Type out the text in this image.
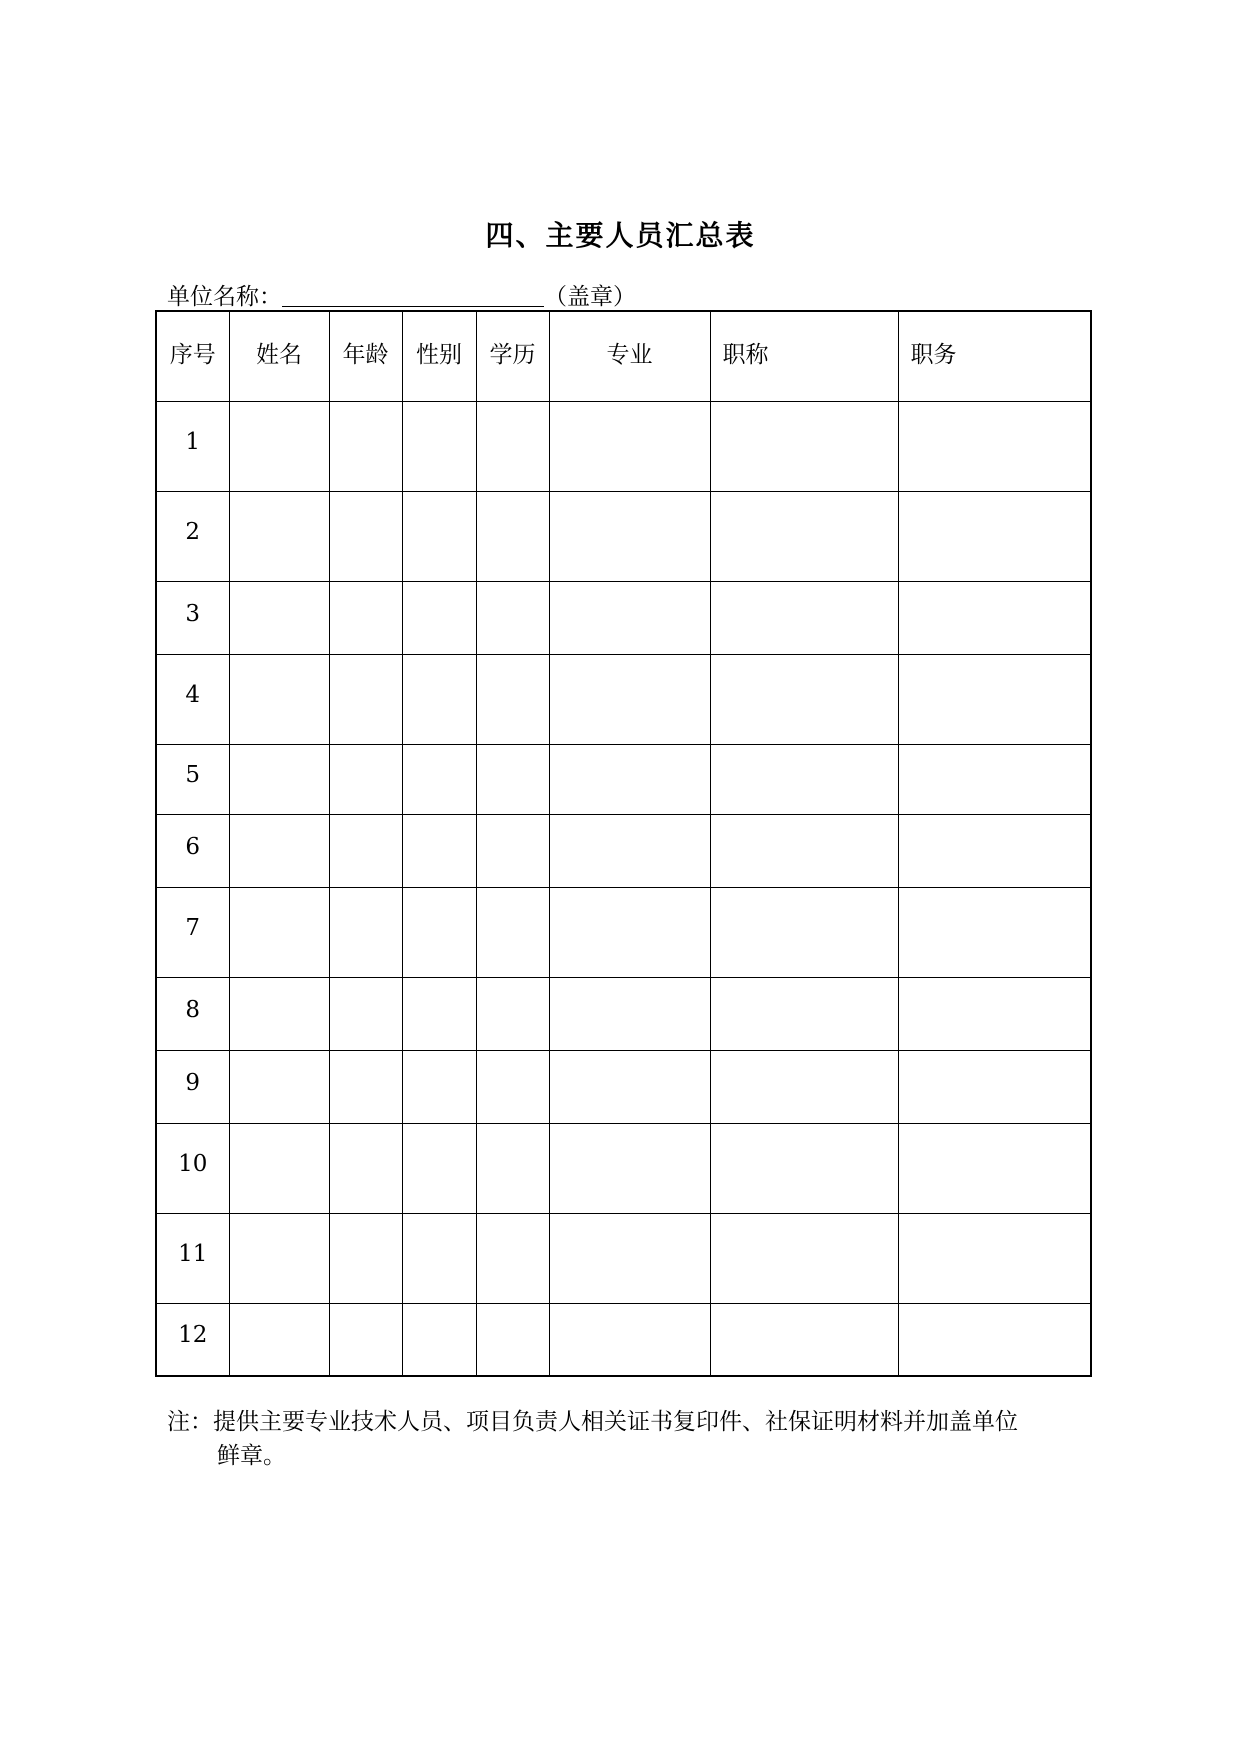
四、主要人员汇总表
单位名称：	（盖章）
序号	姓名	年龄	性别	学历	专业	职称	职务
1							
2							
3							
4							
5							
6							
7							
8							
9							
10							
11							
12							
注：提供主要专业技术人员、项目负责人相关证书复印件、社保证明材料并加盖单位
鲜章。
